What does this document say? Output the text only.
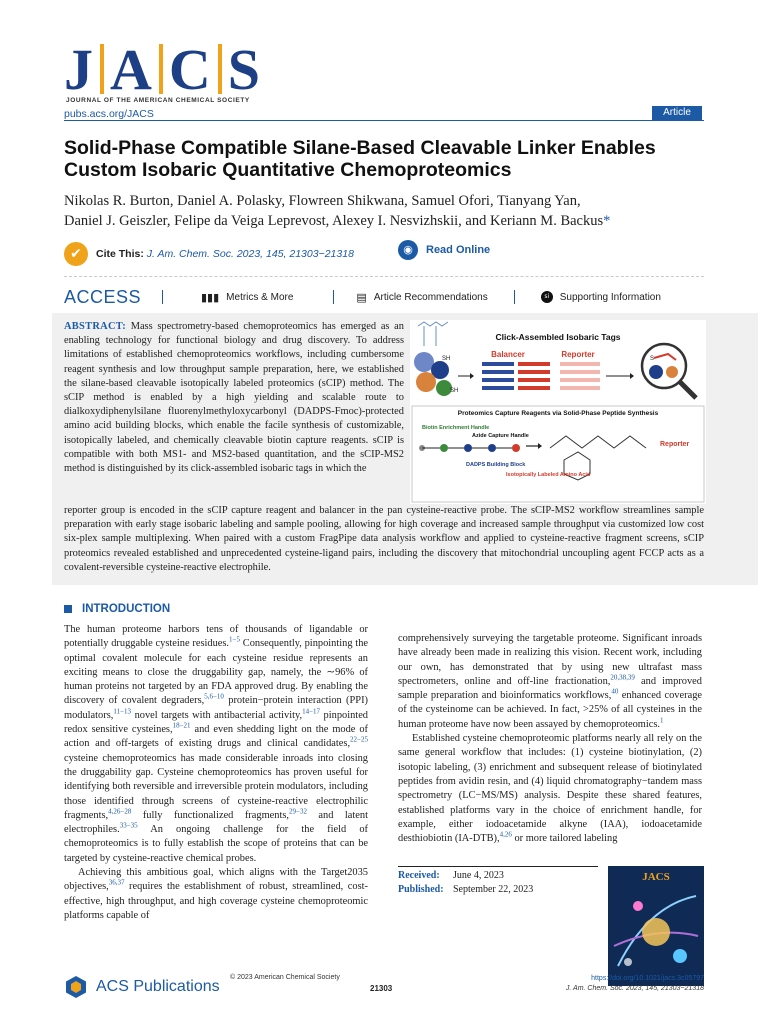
J A C S
JOURNAL OF THE AMERICAN CHEMICAL SOCIETY
pubs.acs.org/JACS	Article
Solid-Phase Compatible Silane-Based Cleavable Linker Enables Custom Isobaric Quantitative Chemoproteomics
Nikolas R. Burton, Daniel A. Polasky, Flowreen Shikwana, Samuel Ofori, Tianyang Yan,
Daniel J. Geiszler, Felipe da Veiga Leprevost, Alexey I. Nesvizhskii, and Keriann M. Backus*
✔	Cite This: J. Am. Chem. Soc. 2023, 145, 21303−21318	◉	Read Online
ACCESS	▮▮▮ Metrics & More	▤ Article Recommendations	si	Supporting Information

ABSTRACT: Mass spectrometry-based chemoproteomics has emerged as an enabling technology for functional biology and drug discovery. To address limitations of established chemoproteomics workflows, including cumbersome reagent synthesis and low throughput sample preparation, here, we established the silane-based cleavable isotopically labeled proteomics (sCIP) method. The sCIP method is enabled by a high yielding and scalable route to dialkoxydiphenylsilane fluorenylmethyloxycarbonyl (DADPS-Fmoc)-protected amino acid building blocks, which enable the facile synthesis of customizable, isotopically labeled, and chemically cleavable biotin capture reagents. sCIP is compatible with both MS1- and MS2-based quantitation, and the sCIP-MS2 method is distinguished by its click-assembled isobaric tags in which the

SH
SH
Click-Assembled Isobaric Tags
Balancer	Reporter	S
Proteomics Capture Reagents via Solid-Phase Peptide Synthesis
Biotin Enrichment Handle
Azide Capture Handle
Reporter
DADPS Building Block
Isotopically Labeled Amino Acid

reporter group is encoded in the sCIP capture reagent and balancer in the pan cysteine-reactive probe. The sCIP-MS2 workflow streamlines sample preparation with early stage isobaric labeling and sample pooling, allowing for high coverage and increased sample throughput via customized low cost six-plex sample multiplexing. When paired with a custom FragPipe data analysis workflow and applied to cysteine-reactive fragment screens, sCIP proteomics revealed established and unprecedented cysteine-ligand pairs, including the discovery that mitochondrial uncoupling agent FCCP acts as a covalent-reversible cysteine-reactive electrophile.

INTRODUCTION

The human proteome harbors tens of thousands of ligandable or potentially druggable cysteine residues.$^{1-5}$ Consequently, pinpointing the optimal covalent molecule for each cysteine residue represents an exciting means to close the druggability gap, namely, the ∼96% of human proteins not targeted by an FDA approved drug. By enabling the discovery of covalent degraders,$^{5,6-10}$ protein−protein interaction (PPI) modulators,$^{11-13}$ novel targets with antibacterial activity,$^{14-17}$ pinpointed redox sensitive cysteines,$^{18-21}$ and even shedding light on the mode of action and off-targets of existing drugs and clinical candidates,$^{22-25}$ cysteine chemoproteomics has made considerable inroads into closing the druggability gap. Cysteine chemoproteomics has proven useful for identifying both reversible and irreversible protein modulators, including those identified through screens of cysteine-reactive electrophilic fragments,$^{4,26-28}$ fully functionalized fragments,$^{29-32}$ and latent electrophiles.$^{33-35}$ An ongoing challenge for the field of chemoproteomics is to fully establish the scope of proteins that can be targeted by cysteine-reactive chemical probes.

Achieving this ambitious goal, which aligns with the Target2035 objectives,$^{36,37}$ requires the establishment of robust, streamlined, cost-effective, high throughput, and high coverage cysteine chemoproteomic platforms capable of

comprehensively surveying the targetable proteome. Significant inroads have already been made in realizing this vision. Recent work, including our own, has demonstrated that by using new ultrafast mass spectrometers, online and off-line fractionation,$^{20,38,39}$ and improved sample preparation and bioinformatics workflows,$^{40}$ enhanced coverage of the cysteinome can be achieved. In fact, >25% of all cysteines in the human proteome have now been assayed by chemoproteomics.$^1$

Established cysteine chemoproteomic platforms nearly all rely on the same general workflow that includes: (1) cysteine biotinylation, (2) isotopic labeling, (3) enrichment and subsequent release of biotinylated peptides from avidin resin, and (4) liquid chromatography−tandem mass spectrometry (LC−MS/MS) analysis. Despite these shared features, established platforms vary in the choice of enrichment handle, for example, either iodoacetamide alkyne (IAA), iodoacetamide desthiobiotin (IA-DTB),$^{4,26}$ or more tailored labeling

Received: June 4, 2023
Published: September 22, 2023
JACS
ACS Publications
© 2023 American Chemical Society
21303
https://doi.org/10.1021/jacs.3c05797
J. Am. Chem. Soc. 2023, 145, 21303−21318
